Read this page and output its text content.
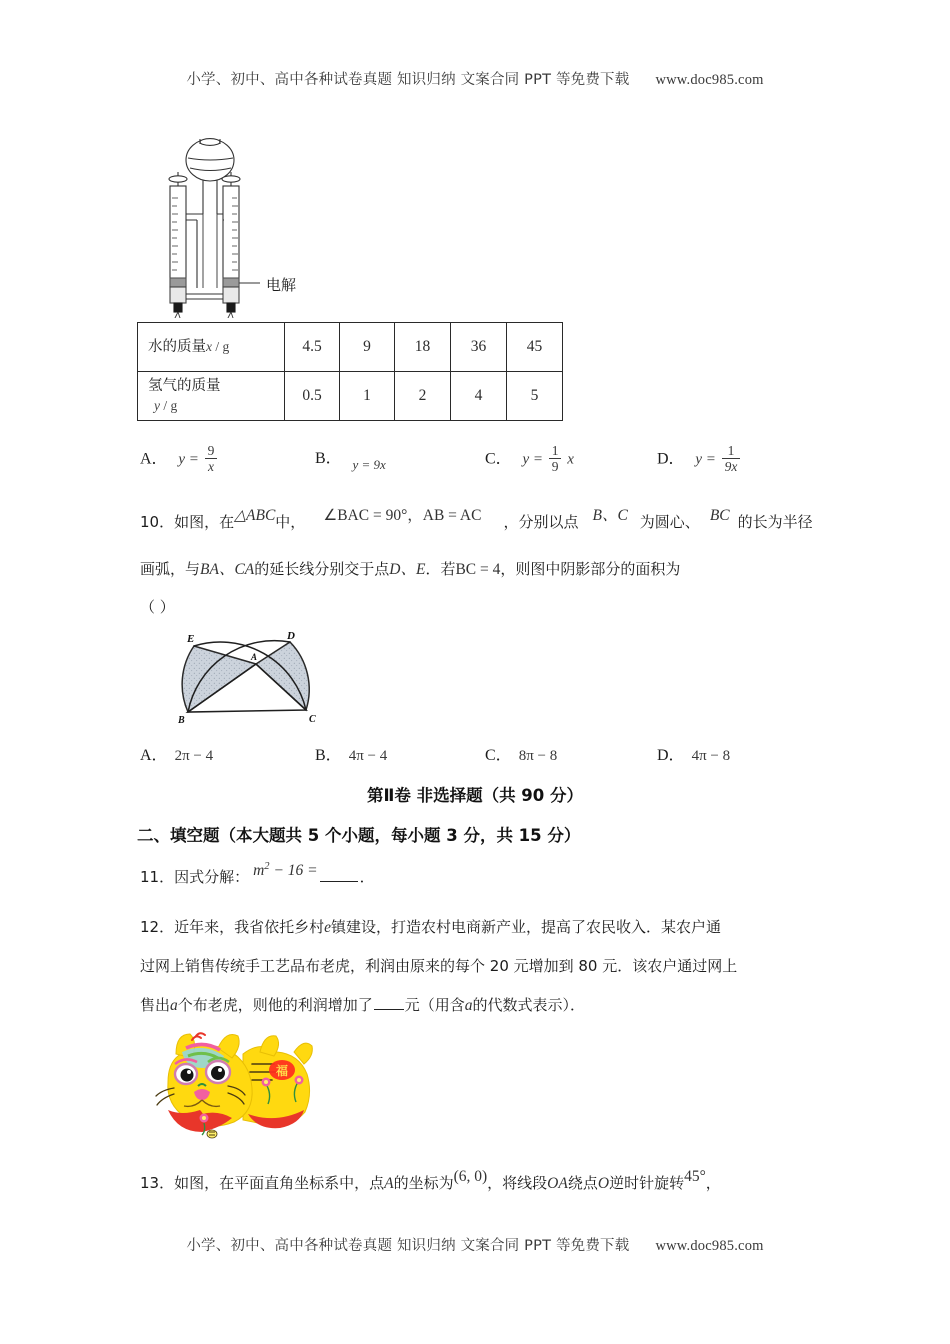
小学、初中、高中各种试卷真题 知识归纳 文案合同 PPT 等免费下载 www.doc985.com
电解
水的质量x / g	4.5	9	18	36	45
氢气的质量
y / g	0.5	1	2	4	5
A． $y = \frac{9}{x}$	B． y = 9x	C． $y = \frac{1}{9}$ x	D． $y = \frac{1}{9x}$
10．如图，在△ABC中， ∠BAC = 90°，AB = AC ，分别以点 B、C 为圆心、 BC 的长为半径
画弧，与BA、CA的延长线分别交于点D、E．若BC = 4，则图中阴影部分的面积为
（ ）
E	D
A
B	C
A． 2π − 4	B． 4π − 4	C． 8π − 8	D． 4π − 8
第Ⅱ卷 非选择题（共 90 分）
二、填空题（本大题共 5 个小题，每小题 3 分，共 15 分）
11．因式分解： $m^2 - 16$ =	．
12．近年来，我省依托乡村e镇建设，打造农村电商新产业，提高了农民收入．某农户通
过网上销售传统手工艺品布老虎，利润由原来的每个 20 元增加到 80 元．该农户通过网上
售出a个布老虎，则他的利润增加了 元（用含a的代数式表示）．
福
13．如图，在平面直角坐标系中，点A的坐标为(6, 0)，将线段OA绕点O逆时针旋转45°，
小学、初中、高中各种试卷真题 知识归纳 文案合同 PPT 等免费下载 www.doc985.com
